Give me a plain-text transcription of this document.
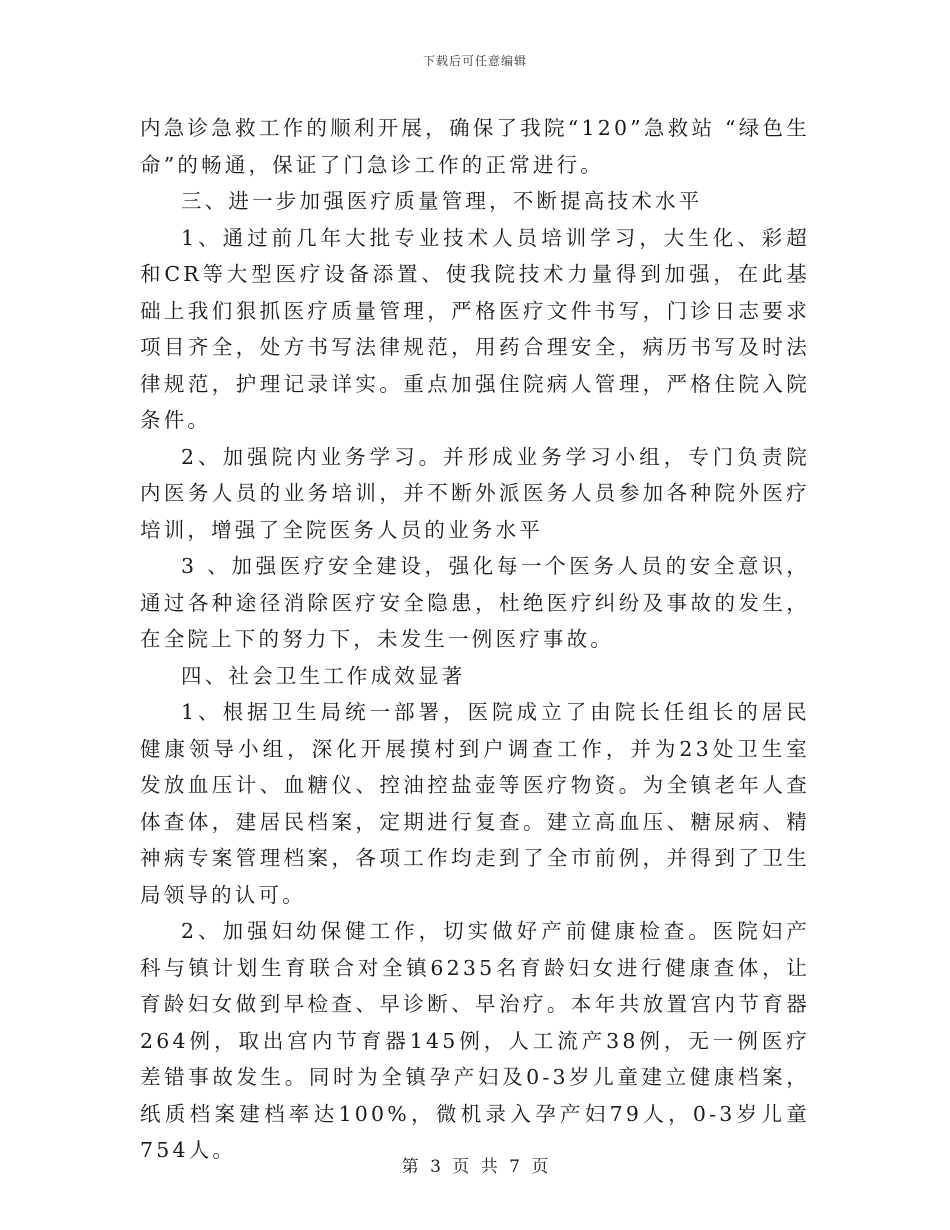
下载后可任意编辑

内急诊急救工作的顺利开展，确保了我院“120”急救站 “绿色生命”的畅通，保证了门急诊工作的正常进行。

三、进一步加强医疗质量管理，不断提高技术水平

1、通过前几年大批专业技术人员培训学习，大生化、彩超和CR等大型医疗设备添置、使我院技术力量得到加强，在此基础上我们狠抓医疗质量管理，严格医疗文件书写，门诊日志要求项目齐全，处方书写法律规范，用药合理安全，病历书写及时法律规范，护理记录详实。重点加强住院病人管理，严格住院入院条件。

2、加强院内业务学习。并形成业务学习小组，专门负责院内医务人员的业务培训，并不断外派医务人员参加各种院外医疗培训，增强了全院医务人员的业务水平

3 、加强医疗安全建设，强化每一个医务人员的安全意识，通过各种途径消除医疗安全隐患，杜绝医疗纠纷及事故的发生，在全院上下的努力下，未发生一例医疗事故。

四、社会卫生工作成效显著

1、根据卫生局统一部署，医院成立了由院长任组长的居民健康领导小组，深化开展摸村到户调查工作，并为23处卫生室发放血压计、血糖仪、控油控盐壶等医疗物资。为全镇老年人查体查体，建居民档案，定期进行复查。建立高血压、糖尿病、精神病专案管理档案，各项工作均走到了全市前例，并得到了卫生局领导的认可。

2、加强妇幼保健工作，切实做好产前健康检查。医院妇产科与镇计划生育联合对全镇6235名育龄妇女进行健康查体，让育龄妇女做到早检查、早诊断、早治疗。本年共放置宫内节育器264例，取出宫内节育器145例，人工流产38例，无一例医疗差错事故发生。同时为全镇孕产妇及0-3岁儿童建立健康档案，纸质档案建档率达100%，微机录入孕产妇79人，0-3岁儿童754人。

第 3 页 共 7 页
